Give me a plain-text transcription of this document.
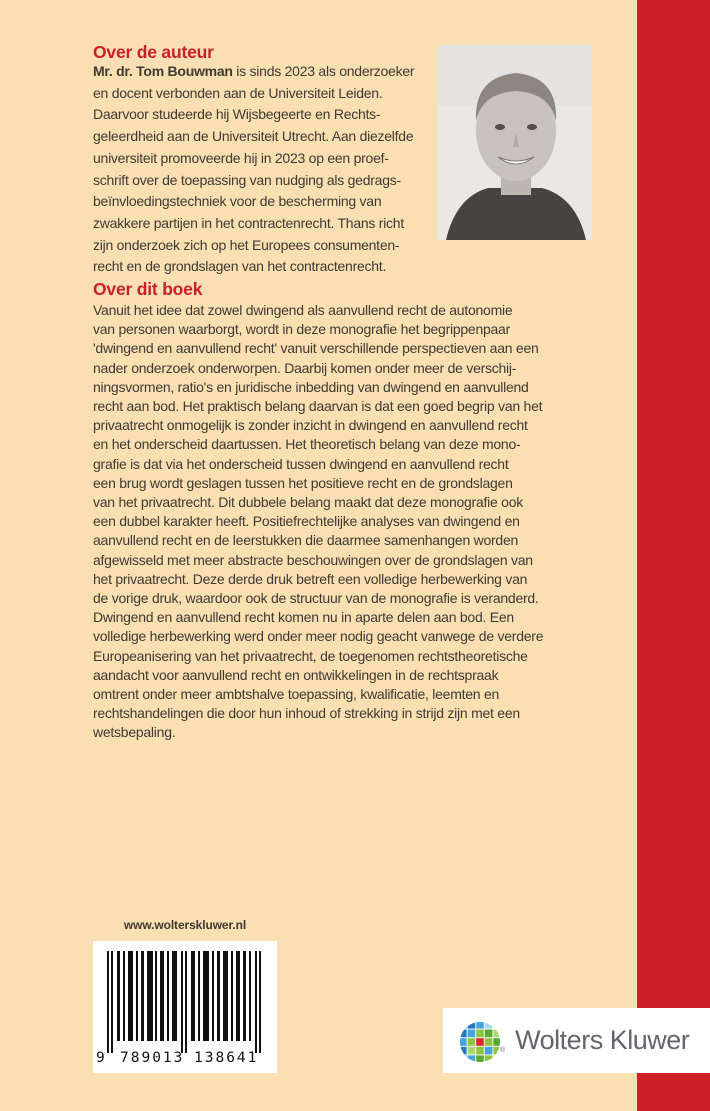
Over de auteur
Mr. dr. Tom Bouwman is sinds 2023 als onderzoeker
en docent verbonden aan de Universiteit Leiden.
Daarvoor studeerde hij Wijsbegeerte en Rechts-
geleerdheid aan de Universiteit Utrecht. Aan diezelfde
universiteit promoveerde hij in 2023 op een proef-
schrift over de toepassing van nudging als gedrags-
beïnvloedingstechniek voor de bescherming van
zwakkere partijen in het contractenrecht. Thans richt
zijn onderzoek zich op het Europees consumenten-
recht en de grondslagen van het contractenrecht.
Over dit boek
Vanuit het idee dat zowel dwingend als aanvullend recht de autonomie
van personen waarborgt, wordt in deze monografie het begrippenpaar
'dwingend en aanvullend recht' vanuit verschillende perspectieven aan een
nader onderzoek onderworpen. Daarbij komen onder meer de verschij-
ningsvormen, ratio's en juridische inbedding van dwingend en aanvullend
recht aan bod. Het praktisch belang daarvan is dat een goed begrip van het
privaatrecht onmogelijk is zonder inzicht in dwingend en aanvullend recht
en het onderscheid daartussen. Het theoretisch belang van deze mono-
grafie is dat via het onderscheid tussen dwingend en aanvullend recht
een brug wordt geslagen tussen het positieve recht en de grondslagen
van het privaatrecht. Dit dubbele belang maakt dat deze monografie ook
een dubbel karakter heeft. Positiefrechtelijke analyses van dwingend en
aanvullend recht en de leerstukken die daarmee samenhangen worden
afgewisseld met meer abstracte beschouwingen over de grondslagen van
het privaatrecht. Deze derde druk betreft een volledige herbewerking van
de vorige druk, waardoor ook de structuur van de monografie is veranderd.
Dwingend en aanvullend recht komen nu in aparte delen aan bod. Een
volledige herbewerking werd onder meer nodig geacht vanwege de verdere
Europeanisering van het privaatrecht, de toegenomen rechtstheoretische
aandacht voor aanvullend recht en ontwikkelingen in de rechtspraak
omtrent onder meer ambtshalve toepassing, kwalificatie, leemten en
rechtshandelingen die door hun inhoud of strekking in strijd zijn met een
wetsbepaling.
www.wolterskluwer.nl
9 789013 138641	® Wolters Kluwer
